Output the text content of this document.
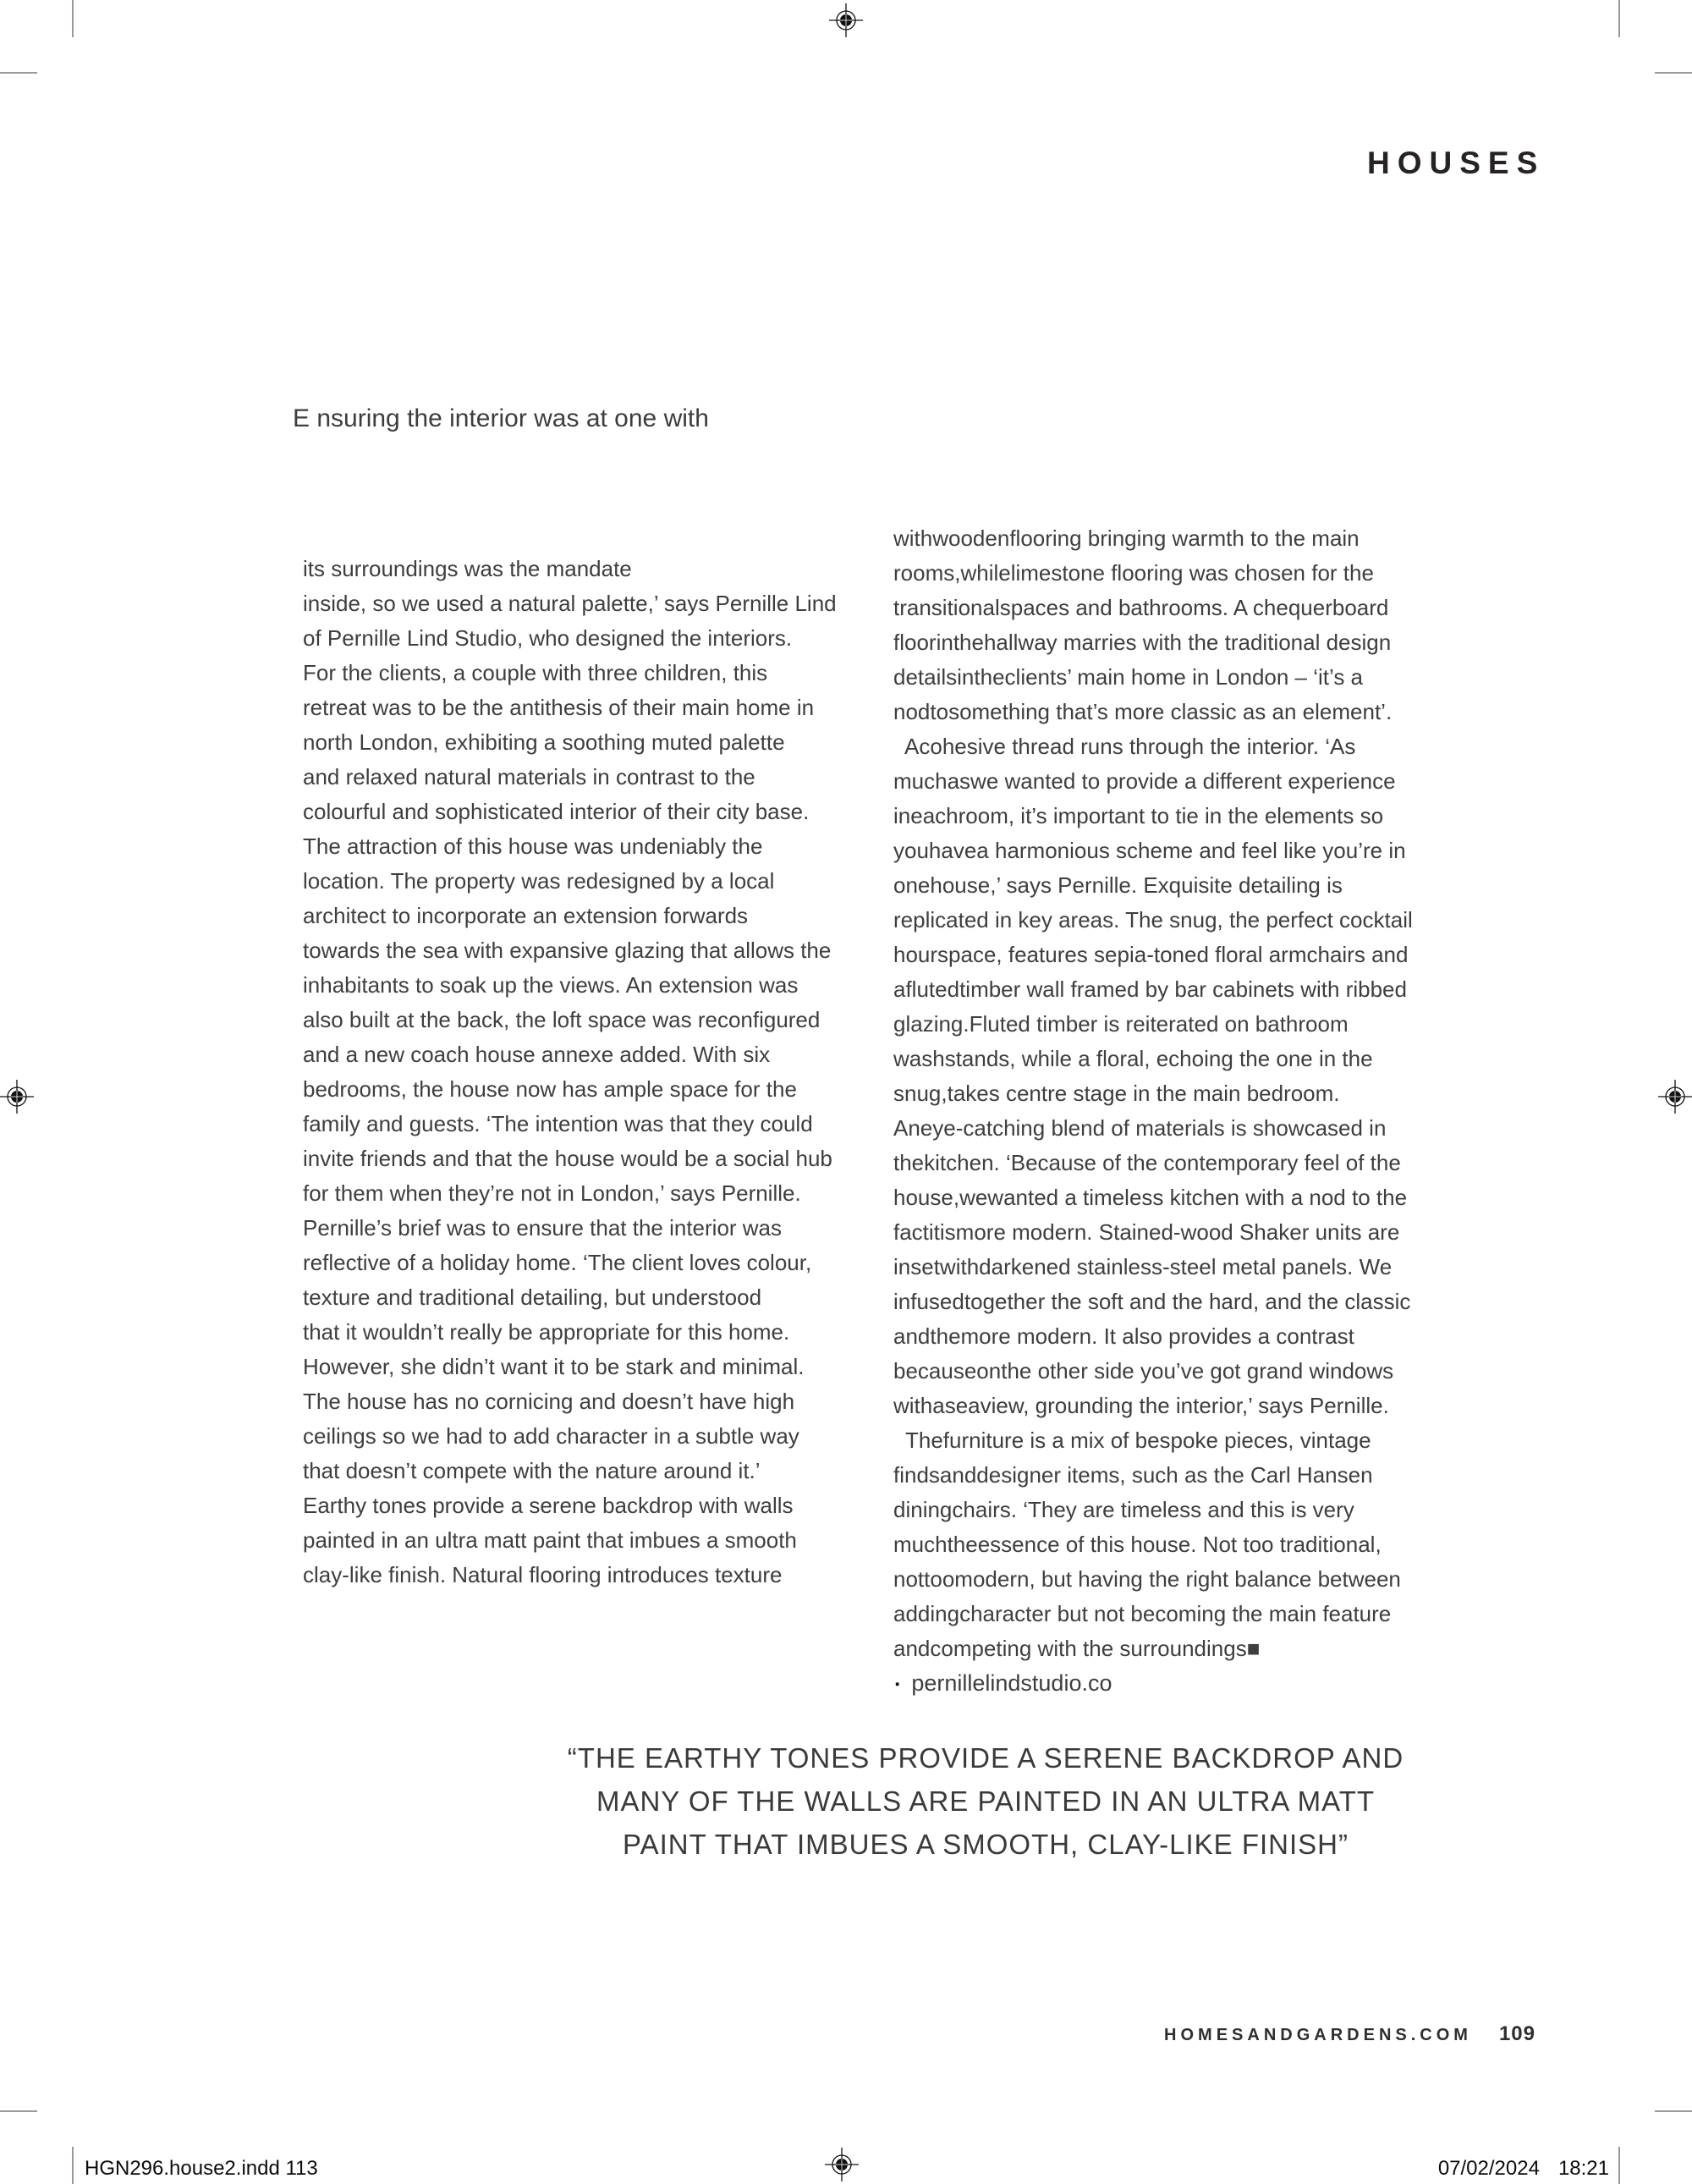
HOUSES
E nsuring the interior was at one with
its surroundings was the mandate
inside, so we used a natural palette,’ says Pernille Lind
of Pernille Lind Studio, who designed the interiors.
For the clients, a couple with three children, this
retreat was to be the antithesis of their main home in
north London, exhibiting a soothing muted palette
and relaxed natural materials in contrast to the
colourful and sophisticated interior of their city base.
The attraction of this house was undeniably the
location. The property was redesigned by a local
architect to incorporate an extension forwards
towards the sea with expansive glazing that allows the
inhabitants to soak up the views. An extension was
also built at the back, the loft space was reconfigured
and a new coach house annexe added. With six
bedrooms, the house now has ample space for the
family and guests. ‘The intention was that they could
invite friends and that the house would be a social hub
for them when they’re not in London,’ says Pernille.
Pernille’s brief was to ensure that the interior was
reflective of a holiday home. ‘The client loves colour,
texture and traditional detailing, but understood
that it wouldn’t really be appropriate for this home.
However, she didn’t want it to be stark and minimal.
The house has no cornicing and doesn’t have high
ceilings so we had to add character in a subtle way
that doesn’t compete with the nature around it.’
Earthy tones provide a serene backdrop with walls
painted in an ultra matt paint that imbues a smooth
clay-like finish. Natural flooring introduces texture
withwoodenflooring bringing warmth to the main
rooms,whilelimestone flooring was chosen for the
transitionalspaces and bathrooms. A chequerboard
floorinthehallway marries with the traditional design
detailsintheclients’ main home in London – ‘it’s a
nodtosomething that’s more classic as an element’.
Acohesive thread runs through the interior. ‘As
muchaswe wanted to provide a different experience
ineachroom, it’s important to tie in the elements so
youhavea harmonious scheme and feel like you’re in
onehouse,’ says Pernille. Exquisite detailing is
replicated in key areas. The snug, the perfect cocktail
hourspace, features sepia-toned floral armchairs and
aflutedtimber wall framed by bar cabinets with ribbed
glazing.Fluted timber is reiterated on bathroom
washstands, while a floral, echoing the one in the
snug,takes centre stage in the main bedroom.
Aneye-catching blend of materials is showcased in
thekitchen. ‘Because of the contemporary feel of the
house,wewanted a timeless kitchen with a nod to the
factitismore modern. Stained-wood Shaker units are
insetwithdarkened stainless-steel metal panels. We
infusedtogether the soft and the hard, and the classic
andthemore modern. It also provides a contrast
becauseonthe other side you’ve got grand windows
withaseaview, grounding the interior,’ says Pernille.
Thefurniture is a mix of bespoke pieces, vintage
findsanddesigner items, such as the Carl Hansen
diningchairs. ‘They are timeless and this is very
muchtheessence of this house. Not too traditional,
nottoomodern, but having the right balance between
addingcharacter but not becoming the main feature
andcompeting with the surroundings■
▪ pernillelindstudio.co
“THE EARTHY TONES PROVIDE A SERENE BACKDROP AND
MANY OF THE WALLS ARE PAINTED IN AN ULTRA MATT
PAINT THAT IMBUES A SMOOTH, CLAY-LIKE FINISH”
HOMESANDGARDENS.COM 109
HGN296.house2.indd 113	07/02/2024 18:21
